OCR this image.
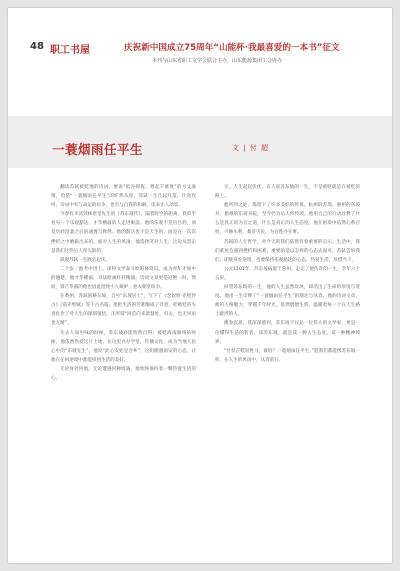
48 职工书屋	庆祝新中国成立75周年“山能杯·我最喜爱的一本书”征文
本刊与山东省职工文学会联合主办，山东能源集团工会协办
一蓑烟雨任平生	文 | 付 超

翻读苏轼被贬地的诗词，要说“低谷抑挥，尊起千难度”的方丈豪情，恰是“一蓑烟雨任平生”的旷然从容。苏轼一生几起几落，仕途坎坷，诗词中有与命运的抗争，也有与自我的和解，读来让人动容。

今春有幸读到林语堂先生的《苏东坡传》，隔着时空的距离，我似乎看见一个乐观豁达、才华横溢的人走进眼前。他的乐观不是盲目的，而是历经沧桑之后的通透与释然。他的豁达也不是天生的，而是在一次次挫折之中磨砺出来的。面对人生的风雨，他选择笑对人生，这份从容正是我们这些后人所欠缺的。

纵观苏轼一生跌宕起伏。

二十岁，他考中进士，深得文学泰斗欧阳修赏识，成为青年才俊中的翘楚。他才华横溢，书法绘画样样精通，诗词文章更是冠绝一时。然而，锋芒毕露的他也因此招致小人嫉妒，卷入朝堂纷争。

在黄州，苏轼躬耕东坡，自号“东坡居士”，写下了《念奴娇·赤壁怀古》《前赤壁赋》等千古名篇。他把生活的苦难酿成了诗意，把被贬的失意化作了对人生的深刻领悟，正所谓“回首向来萧瑟处，归去，也无风雨也无晴”。

失去人间至味的时候，苏东坡亦能怡然自得；被贬海南儋州的时候，他依然热爱这片土地，在这里兴办学堂，传播文化，成为当地人民心中的“东坡先生”。他说“此心安处是吾乡”，这份随遇而安的心态，让他在任何逆境中都能找到生活的美好。

无论身处何地，无论遭遇何种境遇，他始终保持着一颗热爱生活的心。

守。人生起起伏伏，有人说苏东坡的一生，不是被贬就是在被贬的路上。

他所到之处，都留下了许多美好的传说。杭州的苏堤、惠州的东坡井、儋州的东坡书院，至今仍为后人所传颂。他用自己的行动诠释了什么是真正的为官之道，什么是真正的人生态度。他在困境中依然心系百姓，兴修水利，救济灾民，为百姓办实事。

苏轼的人生哲学，对今天的我们依然有着重要的启示。生活中，我们难免会遇到挫折和困难，重要的是以怎样的心态去面对。苏轼告诉我们，即使身处逆境，也要保持乐观豁达的心态，热爱生活，珍惜当下。

公元1101年，苏东坡病逝于常州，走完了他传奇的一生，享年六十五岁。

回望苏东坡的一生，他的人生虽然坎坷，却活出了生命的厚度与宽度。他用一生诠释了“一蓑烟雨任平生”的豁达与从容，他的诗词文章，他的人格魅力，穿越千年时光，依然熠熠生辉，温暖着每一个在人生路上跋涉的人。

掩卷沉思，我深深感到，苏东坡不仅是一位伟大的文学家，更是一位懂得生活的智者。读苏东坡，就是读一种人生态度，读一种精神境界。

“竹杖芒鞋轻胜马，谁怕？一蓑烟雨任平生。”愿我们都能像苏东坡一样，在人生的风雨中，从容前行。
